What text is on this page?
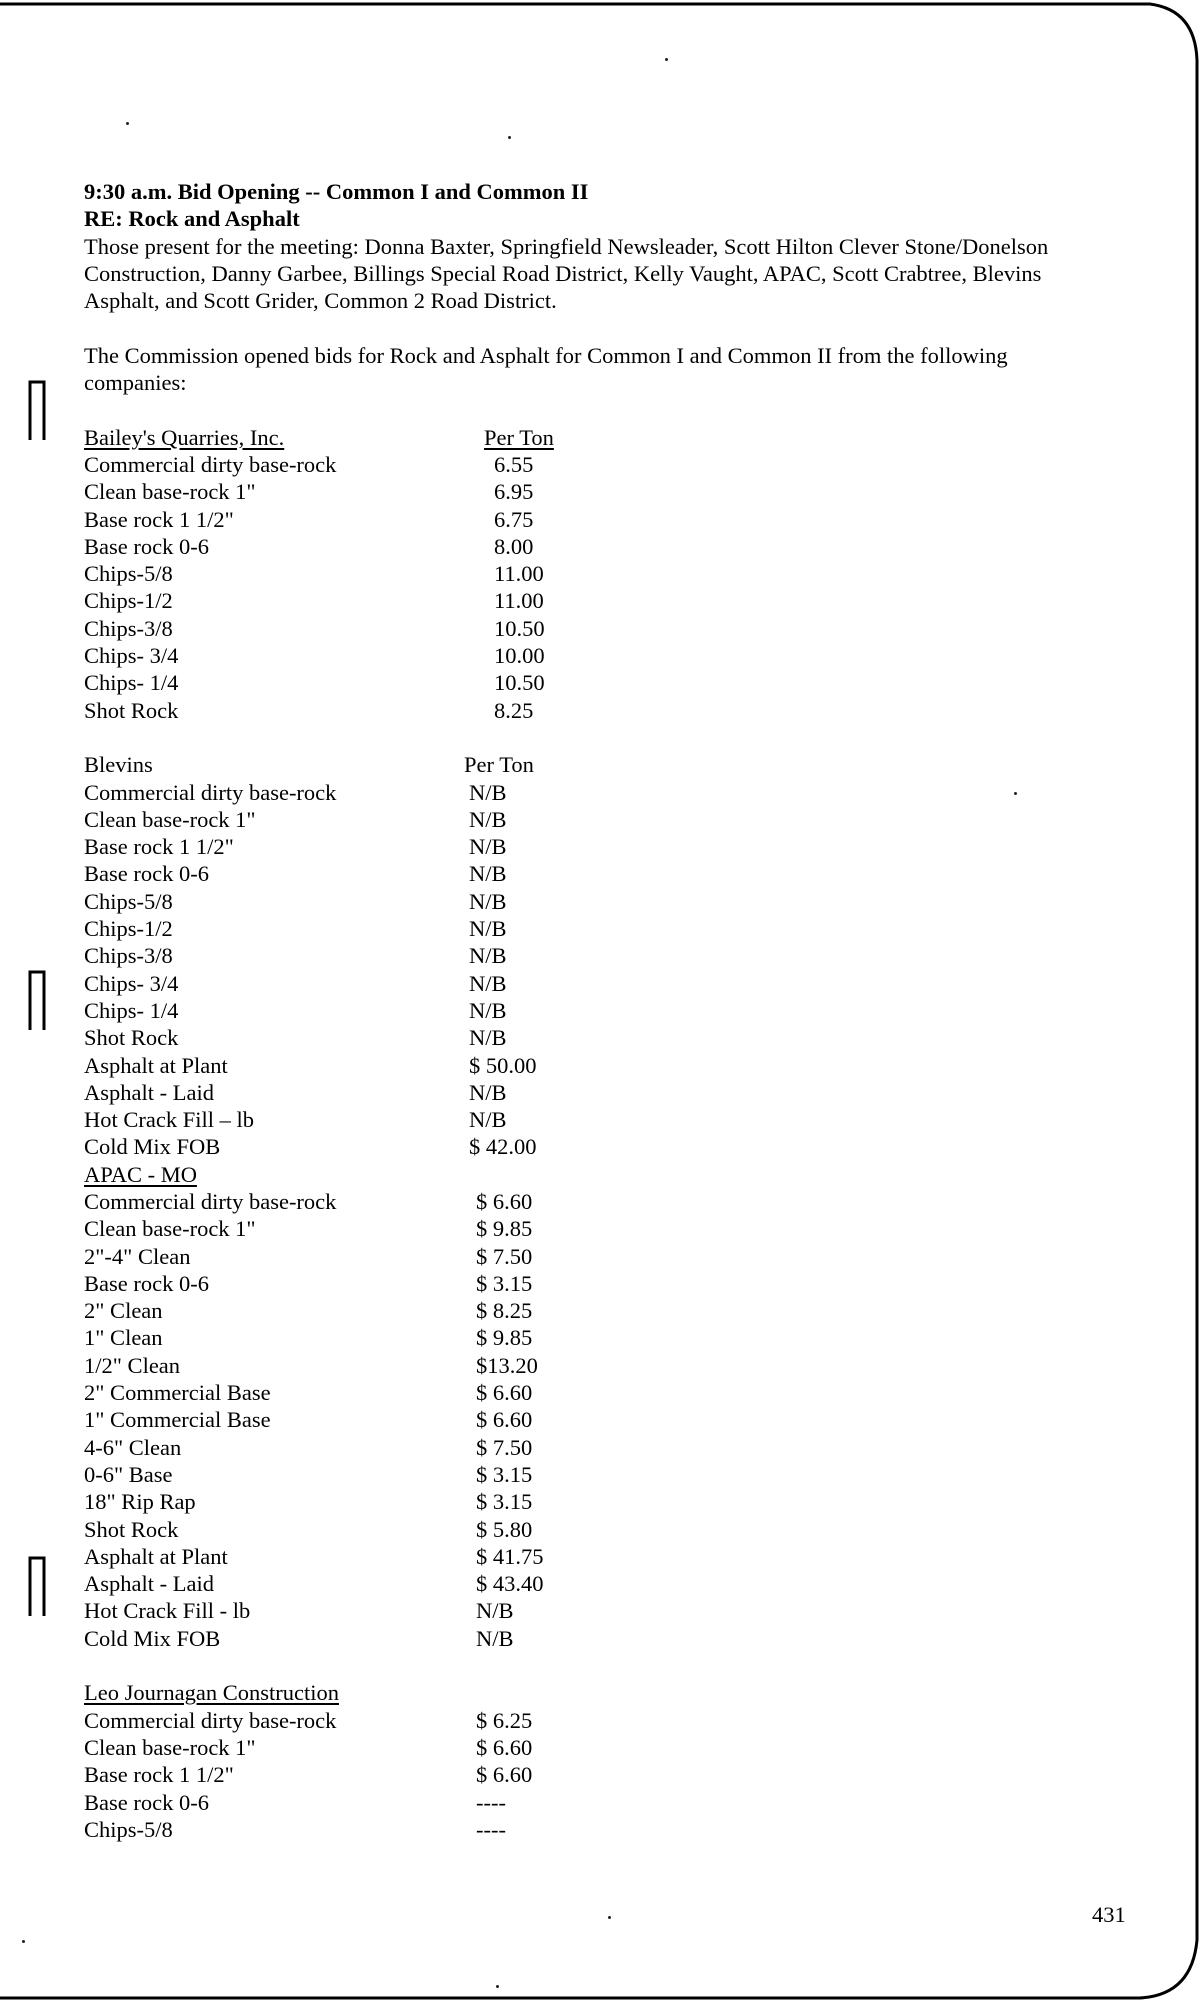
9:30 a.m. Bid Opening -- Common I and Common II
RE: Rock and Asphalt

Those present for the meeting: Donna Baxter, Springfield Newsleader, Scott Hilton Clever Stone/Donelson Construction, Danny Garbee, Billings Special Road District, Kelly Vaught, APAC, Scott Crabtree, Blevins Asphalt, and Scott Grider, Common 2 Road District.

The Commission opened bids for Rock and Asphalt for Common I and Common II from the following companies:

Bailey's Quarries, Inc.	Per Ton
Commercial dirty base-rock	6.55
Clean base-rock 1"	6.95
Base rock 1 1/2"	6.75
Base rock 0-6	8.00
Chips-5/8	11.00
Chips-1/2	11.00
Chips-3/8	10.50
Chips- 3/4	10.00
Chips- 1/4	10.50
Shot Rock	8.25
Blevins	Per Ton
Commercial dirty base-rock	N/B
Clean base-rock 1"	N/B
Base rock 1 1/2"	N/B
Base rock 0-6	N/B
Chips-5/8	N/B
Chips-1/2	N/B
Chips-3/8	N/B
Chips- 3/4	N/B
Chips- 1/4	N/B
Shot Rock	N/B
Asphalt at Plant	$ 50.00
Asphalt - Laid	N/B
Hot Crack Fill – lb	N/B
Cold Mix FOB	$ 42.00
APAC - MO
Commercial dirty base-rock	$ 6.60
Clean base-rock 1"	$ 9.85
2"-4" Clean	$ 7.50
Base rock 0-6	$ 3.15
2" Clean	$ 8.25
1" Clean	$ 9.85
1/2" Clean	$13.20
2" Commercial Base	$ 6.60
1" Commercial Base	$ 6.60
4-6" Clean	$ 7.50
0-6" Base	$ 3.15
18" Rip Rap	$ 3.15
Shot Rock	$ 5.80
Asphalt at Plant	$ 41.75
Asphalt - Laid	$ 43.40
Hot Crack Fill - lb	N/B
Cold Mix FOB	N/B
Leo Journagan Construction
Commercial dirty base-rock	$ 6.25
Clean base-rock 1"	$ 6.60
Base rock 1 1/2"	$ 6.60
Base rock 0-6	----
Chips-5/8	----
431
